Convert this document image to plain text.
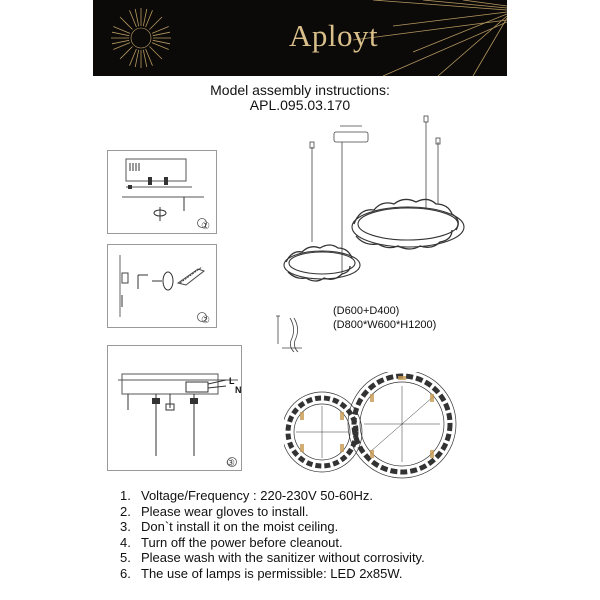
Aployt
Model assembly instructions:
APL.095.03.170
①
②
L
N
③
(D600+D400)
(D800*W600*H1200)
1. Voltage/Frequency : 220-230V 50-60Hz.
2. Please wear gloves to install.
3. Don`t install it on the moist ceiling.
4. Turn off the power before cleanout.
5. Please wash with the sanitizer without corrosivity.
6. The use of lamps is permissible: LED 2x85W.
